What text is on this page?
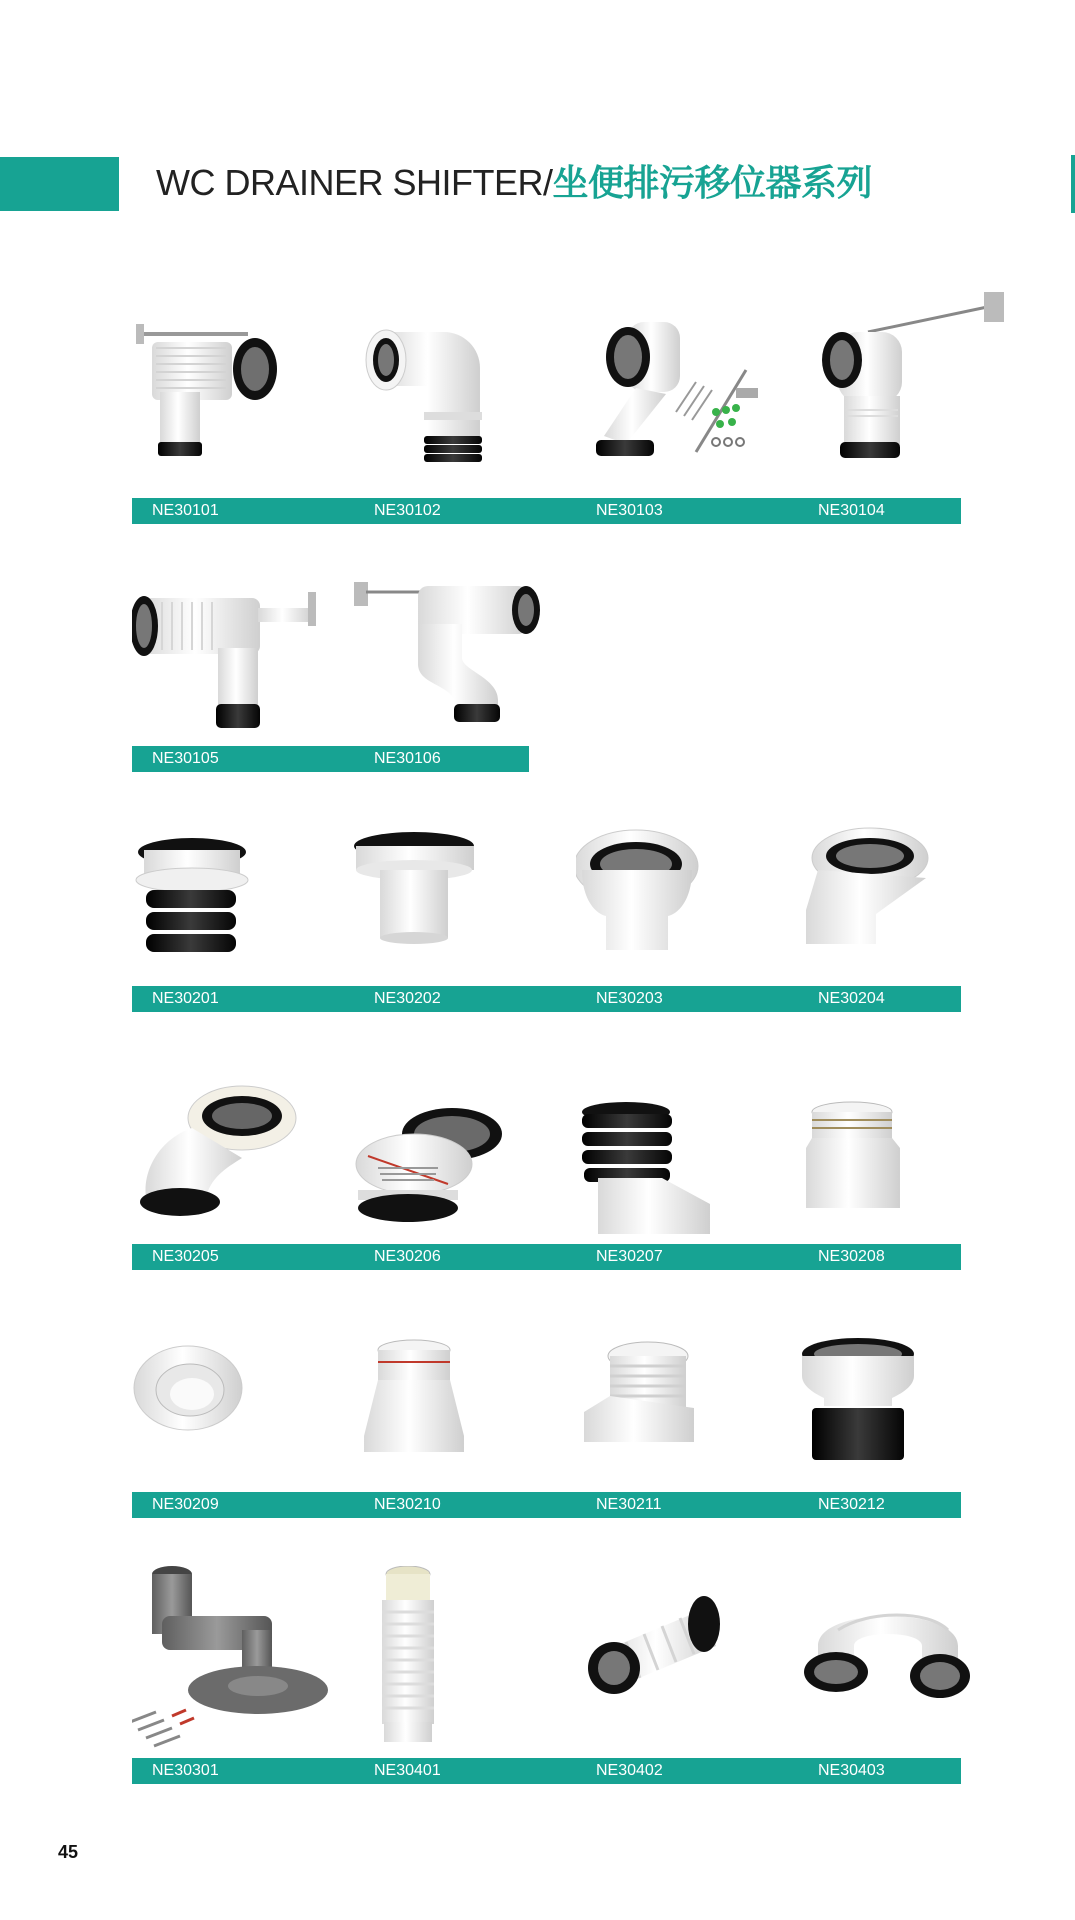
WC DRAINER SHIFTER/坐便排污移位器系列
NE30101	NE30102	NE30103	NE30104
NE30105	NE30106
NE30201	NE30202	NE30203	NE30204
NE30205	NE30206	NE30207	NE30208
NE30209	NE30210	NE30211	NE30212
NE30301	NE30401	NE30402	NE30403
45
